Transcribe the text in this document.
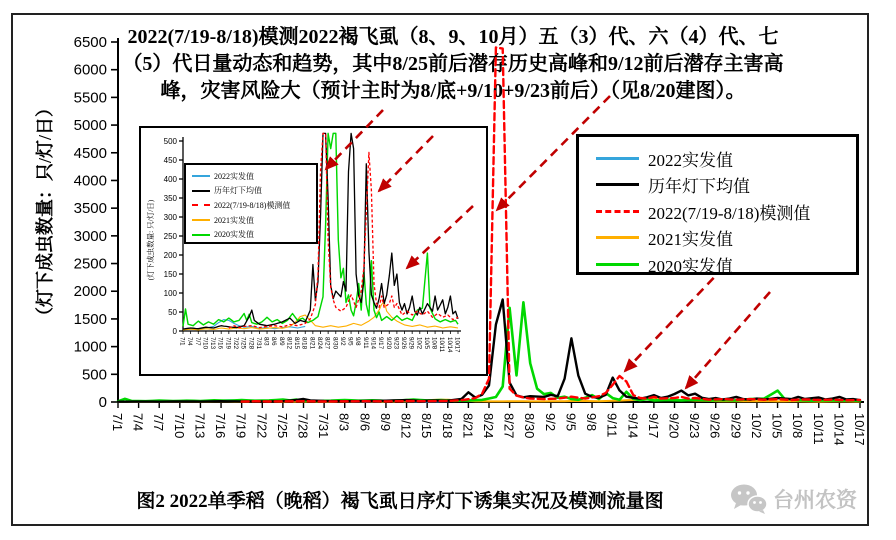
2022(7/19-8/18)模测2022褐飞虱（8、9、10月）五（3）代、六（4）代、七
（5）代日量动态和趋势，其中8/25前后潜存历史高峰和9/12前后潜存主害高
峰，灾害风险大（预计主时为8/底+9/10+9/23前后）（见8/20建图）。
（灯下成虫数量：只/灯/日）
0
500
1000
1500
2000
2500
3000
3500
4000
4500
5000
5500
6000
6500
7/1 7/4 7/7 7/10 7/13 7/16 7/19 7/22 7/25 7/28 7/31 8/3 8/6 8/9 8/12 8/15 8/18 8/21 8/24 8/27 8/30 9/2 9/5 9/8 9/11 9/14 9/17 9/20 9/23 9/26 9/29 10/2 10/5 10/8 10/11 10/14 10/17
0
50
100
150
200
250
300
350
400
450
500
7/1 7/4 7/7 7/10 7/13 7/16 7/19 7/22 7/25 7/28 7/31 8/3 8/6 8/9 8/12 8/15 8/18 8/21 8/24 8/27 8/30 9/2 9/5 9/8 9/11 9/14 9/17 9/20 9/23 9/26 9/29 10/2 10/5 10/8 10/11 10/14 10/17
(灯下成虫数量: 只/灯/日)
2022实发值
历年灯下均值
2022(7/19-8/18)模测值
2021实发值
2020实发值
2022实发值
历年灯下均值
2022(7/19-8/18)模测值
2021实发值
2020实发值
图2 2022单季稻（晚稻）褐飞虱日序灯下诱集实况及模测流量图	台州农资
